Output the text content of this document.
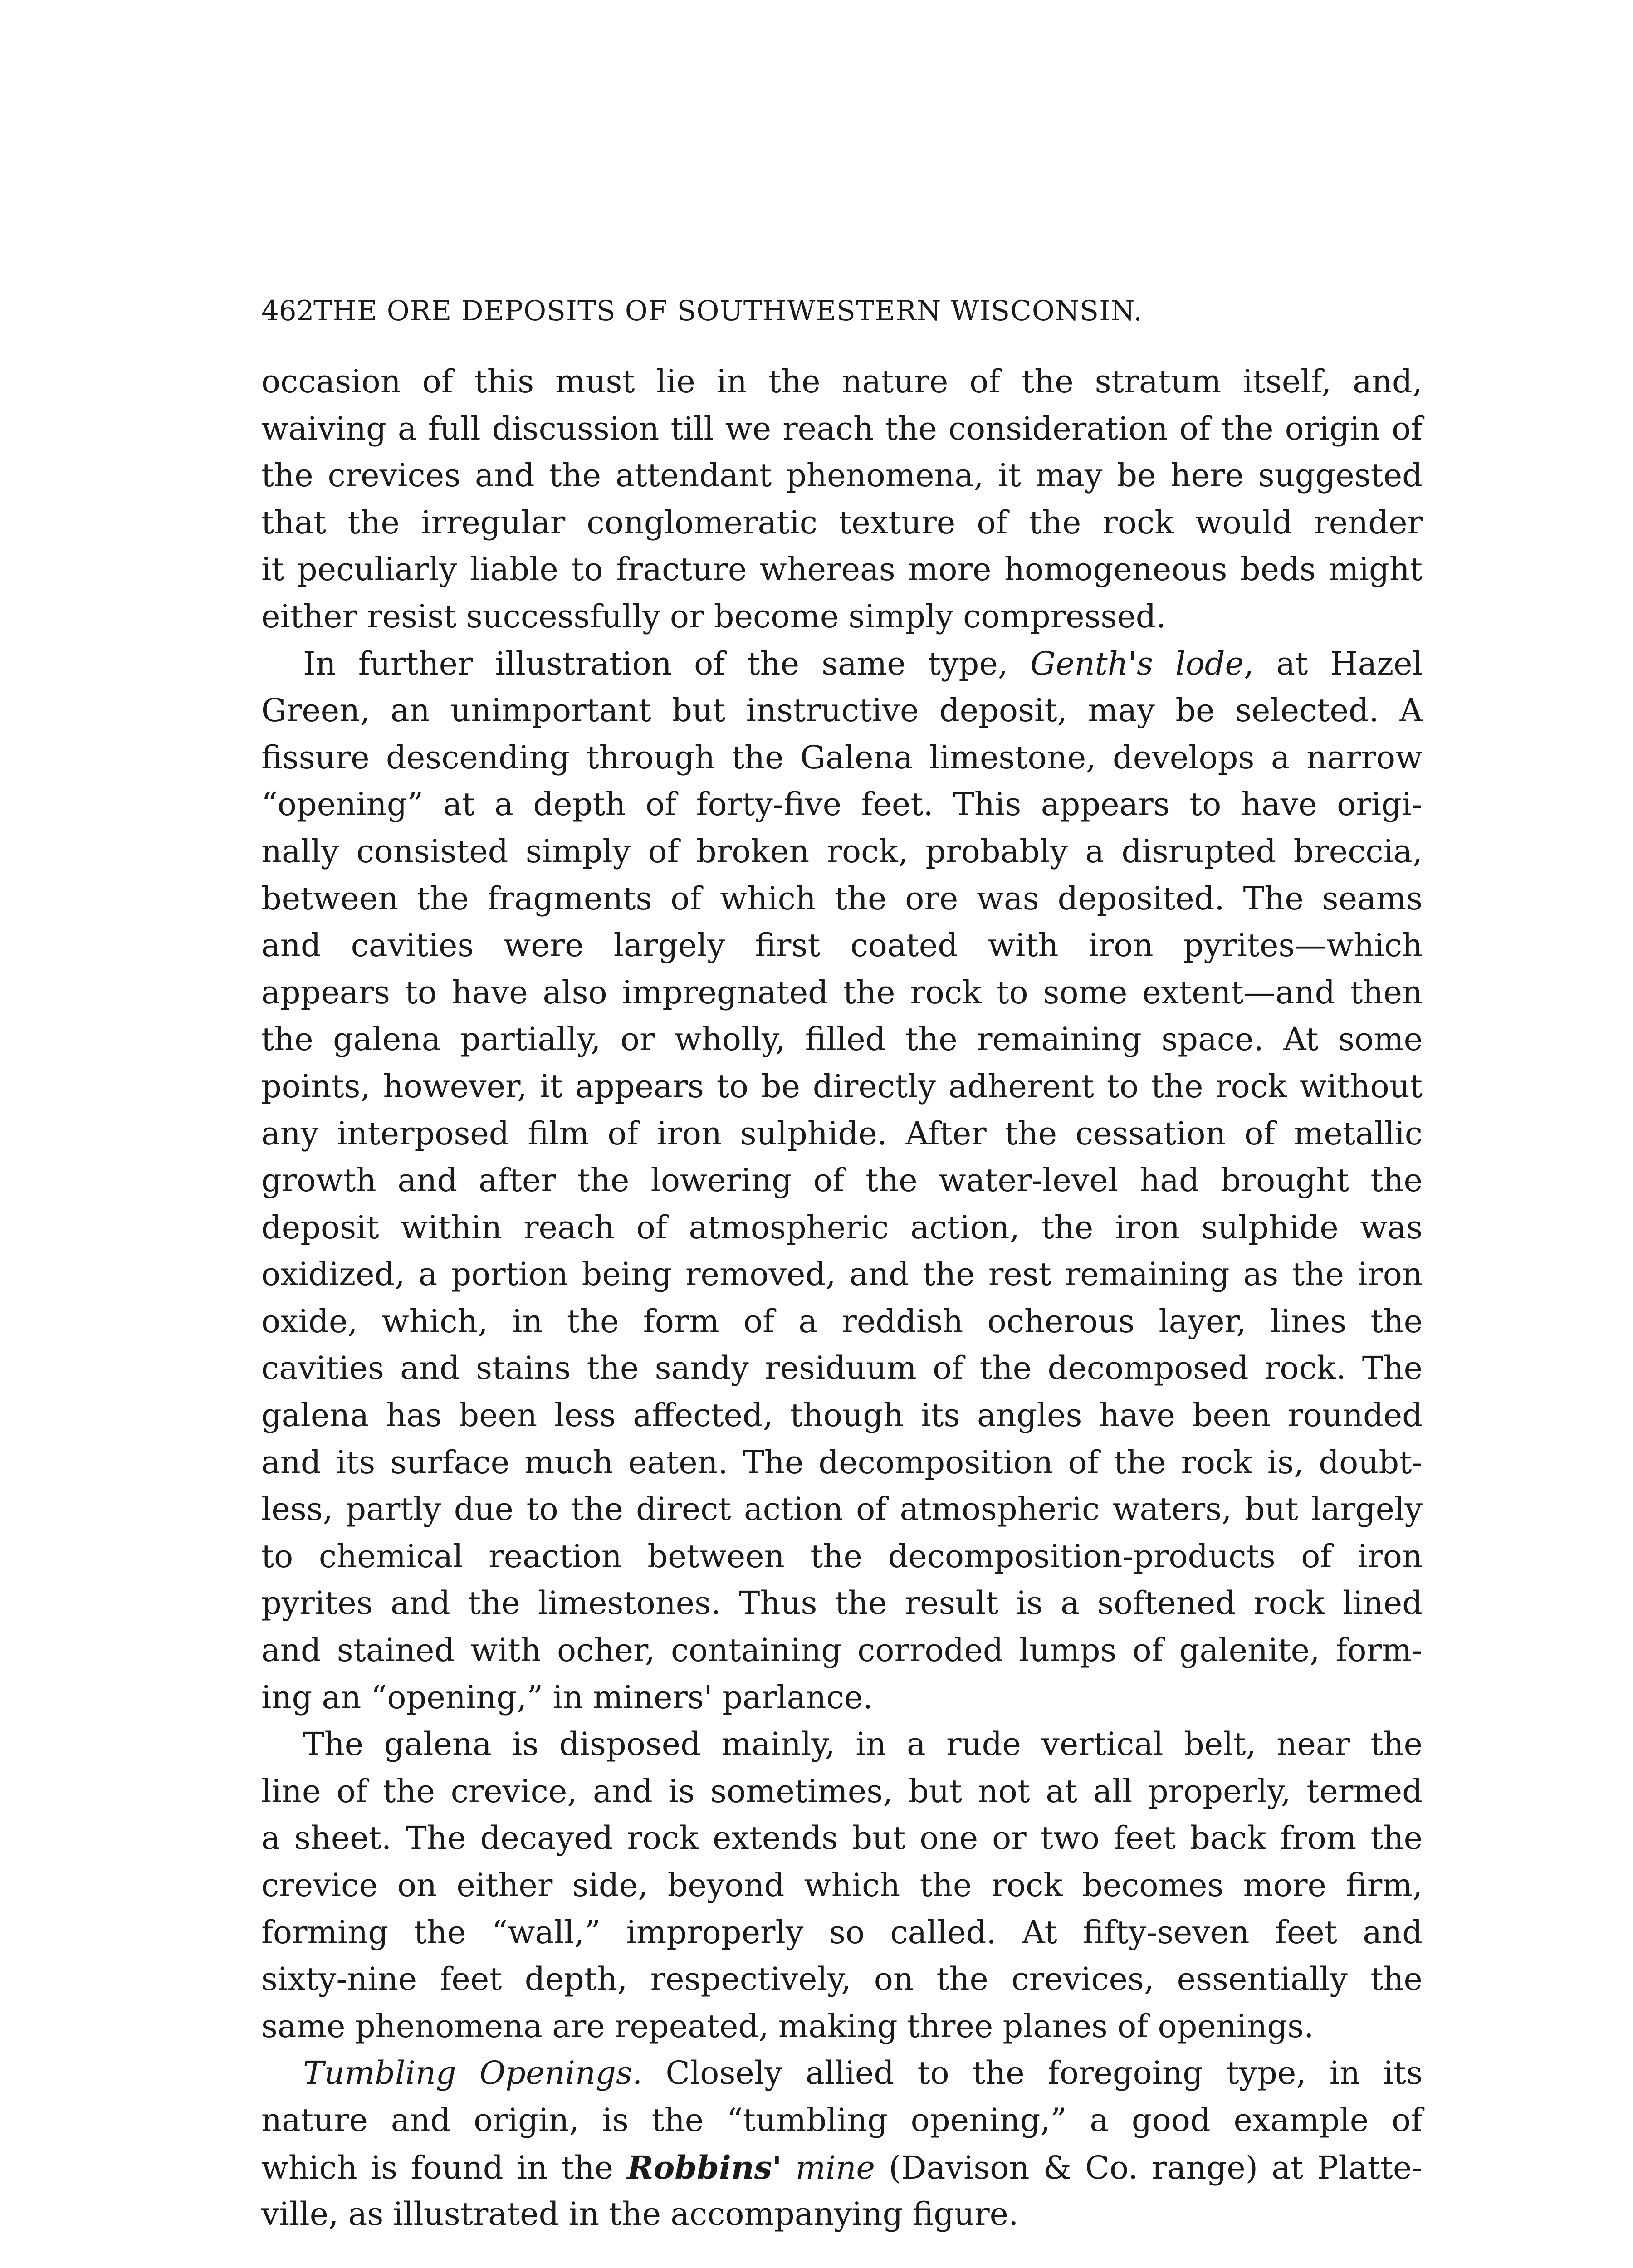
462THE ORE DEPOSITS OF SOUTHWESTERN WISCONSIN.
occasion of this must lie in the nature of the stratum itself, and,
waiving a full discussion till we reach the consideration of the origin of
the crevices and the attendant phenomena, it may be here suggested
that the irregular conglomeratic texture of the rock would render
it peculiarly liable to fracture whereas more homogeneous beds might
either resist successfully or become simply compressed.
In further illustration of the same type, Genth's lode, at Hazel
Green, an unimportant but instructive deposit, may be selected. A
fissure descending through the Galena limestone, develops a narrow
“opening” at a depth of forty-five feet. This appears to have origi-
nally consisted simply of broken rock, probably a disrupted breccia,
between the fragments of which the ore was deposited. The seams
and cavities were largely first coated with iron pyrites—which
appears to have also impregnated the rock to some extent—and then
the galena partially, or wholly, filled the remaining space. At some
points, however, it appears to be directly adherent to the rock without
any interposed film of iron sulphide. After the cessation of metallic
growth and after the lowering of the water-level had brought the
deposit within reach of atmospheric action, the iron sulphide was
oxidized, a portion being removed, and the rest remaining as the iron
oxide, which, in the form of a reddish ocherous layer, lines the
cavities and stains the sandy residuum of the decomposed rock. The
galena has been less affected, though its angles have been rounded
and its surface much eaten. The decomposition of the rock is, doubt-
less, partly due to the direct action of atmospheric waters, but largely
to chemical reaction between the decomposition-products of iron
pyrites and the limestones. Thus the result is a softened rock lined
and stained with ocher, containing corroded lumps of galenite, form-
ing an “opening,” in miners' parlance.
The galena is disposed mainly, in a rude vertical belt, near the
line of the crevice, and is sometimes, but not at all properly, termed
a sheet. The decayed rock extends but one or two feet back from the
crevice on either side, beyond which the rock becomes more firm,
forming the “wall,” improperly so called. At fifty-seven feet and
sixty-nine feet depth, respectively, on the crevices, essentially the
same phenomena are repeated, making three planes of openings.
Tumbling Openings. Closely allied to the foregoing type, in its
nature and origin, is the “tumbling opening,” a good example of
which is found in the Robbins' mine (Davison & Co. range) at Platte-
ville, as illustrated in the accompanying figure.
